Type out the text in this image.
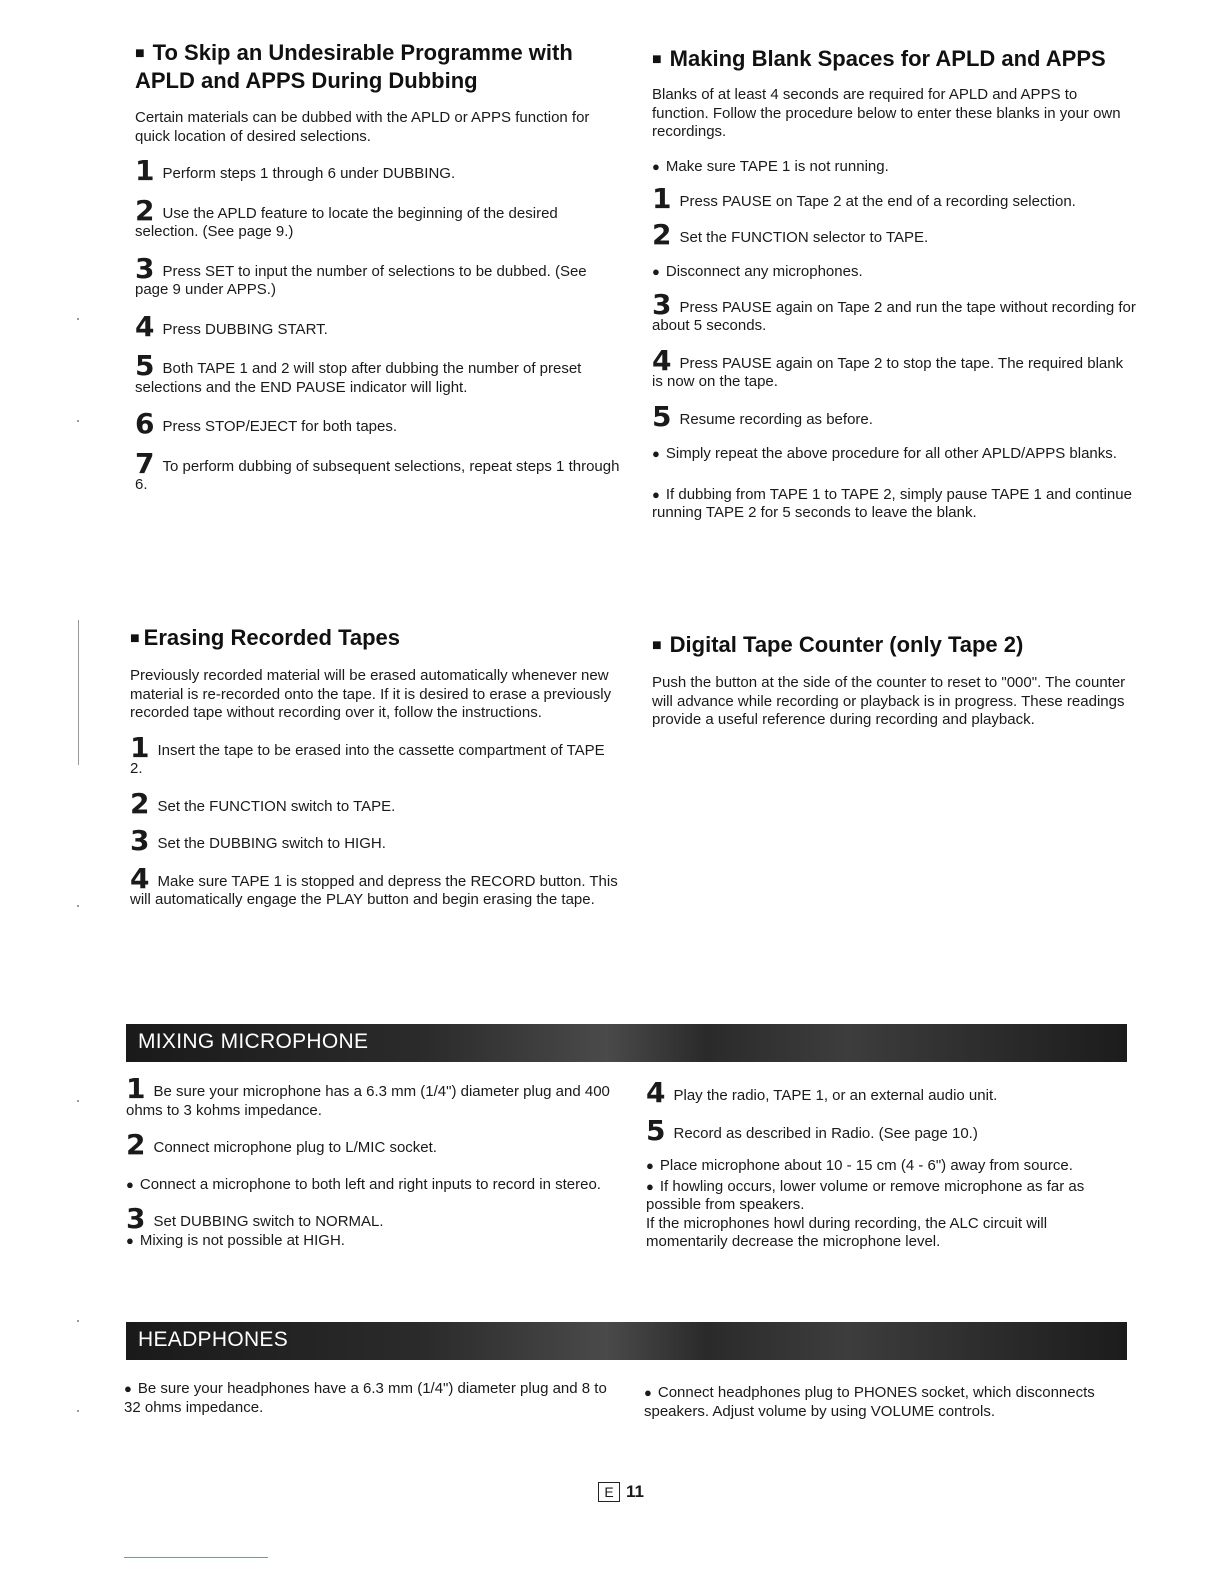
■ To Skip an Undesirable Programme with
APLD and APPS During Dubbing
Certain materials can be dubbed with the APLD or APPS function for quick location of desired selections.
1 Perform steps 1 through 6 under DUBBING.
2 Use the APLD feature to locate the beginning of the desired selection. (See page 9.)
3 Press SET to input the number of selections to be dubbed. (See page 9 under APPS.)
4 Press DUBBING START.
5 Both TAPE 1 and 2 will stop after dubbing the number of preset selections and the END PAUSE indicator will light.
6 Press STOP/EJECT for both tapes.
7 To perform dubbing of subsequent selections, repeat steps 1 through 6.
■ Making Blank Spaces for APLD and APPS
Blanks of at least 4 seconds are required for APLD and APPS to function. Follow the procedure below to enter these blanks in your own recordings.
● Make sure TAPE 1 is not running.
1 Press PAUSE on Tape 2 at the end of a recording selection.
2 Set the FUNCTION selector to TAPE.
● Disconnect any microphones.
3 Press PAUSE again on Tape 2 and run the tape without recording for about 5 seconds.
4 Press PAUSE again on Tape 2 to stop the tape. The required blank is now on the tape.
5 Resume recording as before.
● Simply repeat the above procedure for all other APLD/APPS blanks.
● If dubbing from TAPE 1 to TAPE 2, simply pause TAPE 1 and continue running TAPE 2 for 5 seconds to leave the blank.
■ Erasing Recorded Tapes
Previously recorded material will be erased automatically whenever new material is re-recorded onto the tape. If it is desired to erase a previously recorded tape without recording over it, follow the instructions.
1 Insert the tape to be erased into the cassette compartment of TAPE 2.
2 Set the FUNCTION switch to TAPE.
3 Set the DUBBING switch to HIGH.
4 Make sure TAPE 1 is stopped and depress the RECORD button. This will automatically engage the PLAY button and begin erasing the tape.
■ Digital Tape Counter (only Tape 2)
Push the button at the side of the counter to reset to "000". The counter will advance while recording or playback is in progress. These readings provide a useful reference during recording and playback.
MIXING MICROPHONE
1 Be sure your microphone has a 6.3 mm (1/4") diameter plug and 400 ohms to 3 kohms impedance.
2 Connect microphone plug to L/MIC socket.
● Connect a microphone to both left and right inputs to record in stereo.
3 Set DUBBING switch to NORMAL.
● Mixing is not possible at HIGH.
4 Play the radio, TAPE 1, or an external audio unit.
5 Record as described in Radio. (See page 10.)
● Place microphone about 10 - 15 cm (4 - 6") away from source.
● If howling occurs, lower volume or remove microphone as far as possible from speakers.
If the microphones howl during recording, the ALC circuit will momentarily decrease the microphone level.
HEADPHONES
● Be sure your headphones have a 6.3 mm (1/4") diameter plug and 8 to 32 ohms impedance.
● Connect headphones plug to PHONES socket, which disconnects speakers. Adjust volume by using VOLUME controls.
E 11
